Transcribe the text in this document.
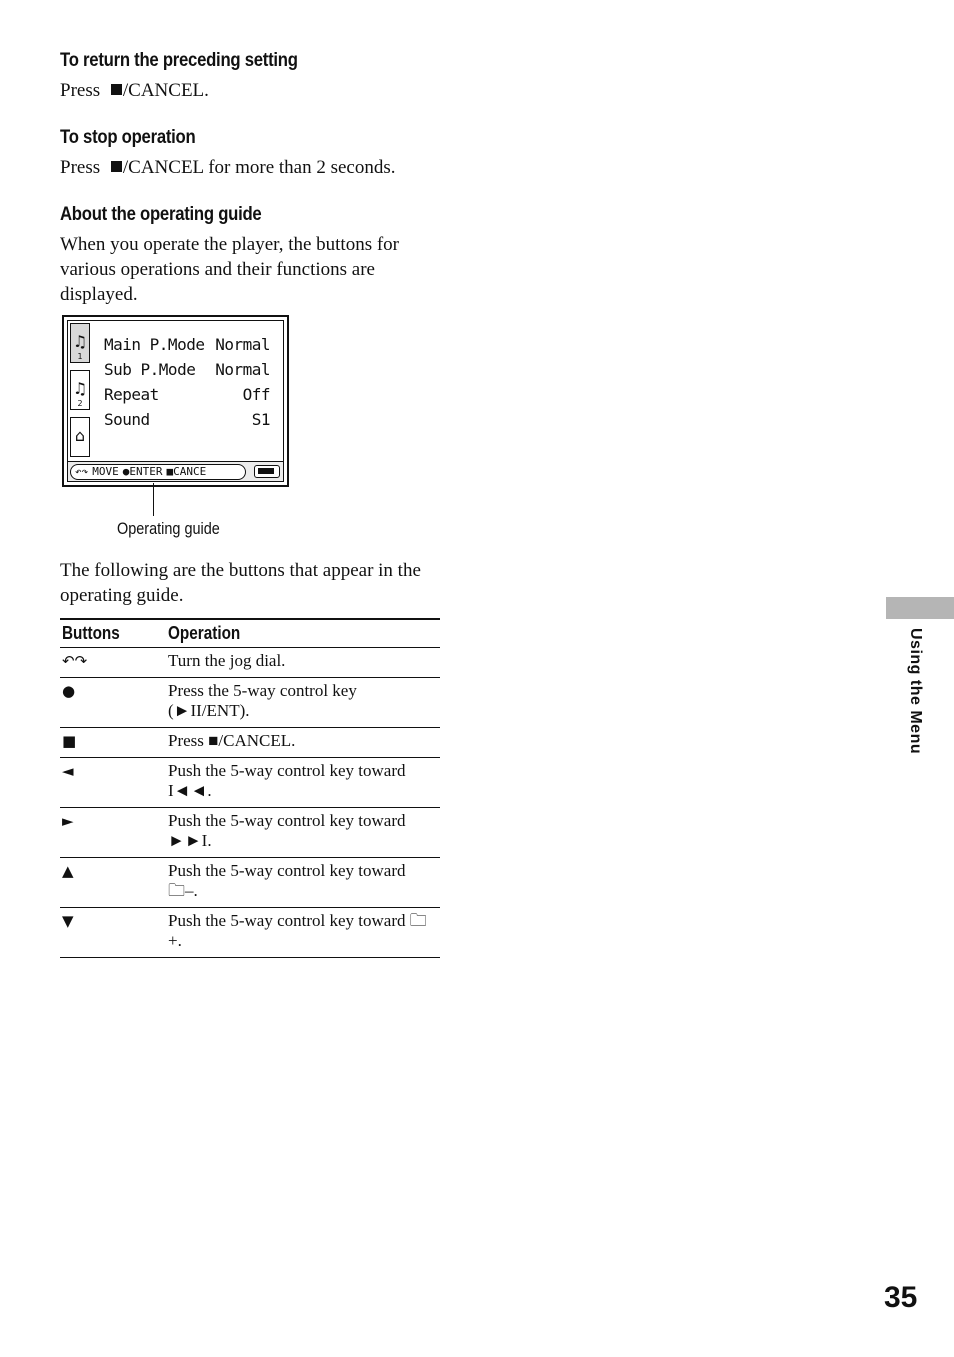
To return the preceding setting
Press /CANCEL.
To stop operation
Press /CANCEL for more than 2 seconds.
About the operating guide
When you operate the player, the buttons for various operations and their functions are displayed.
♫
1
♫
2
⌂
Main P.Mode Normal
Sub P.Mode Normal
Repeat	Off
Sound	S1
↶↷ MOVE ●ENTER ■CANCE
Operating guide
The following are the buttons that appear in the operating guide.
Buttons	Operation
↶↷	Turn the jog dial.
●	Press the 5-way control key (►II/ENT).
■	Press ■/CANCEL.
◄	Push the 5-way control key toward I◄◄.
►	Push the 5-way control key toward ►►I.
▲	Push the 5-way control key toward 🗀–.
▼	Push the 5-way control key toward 🗀+.
Using the Menu
35
